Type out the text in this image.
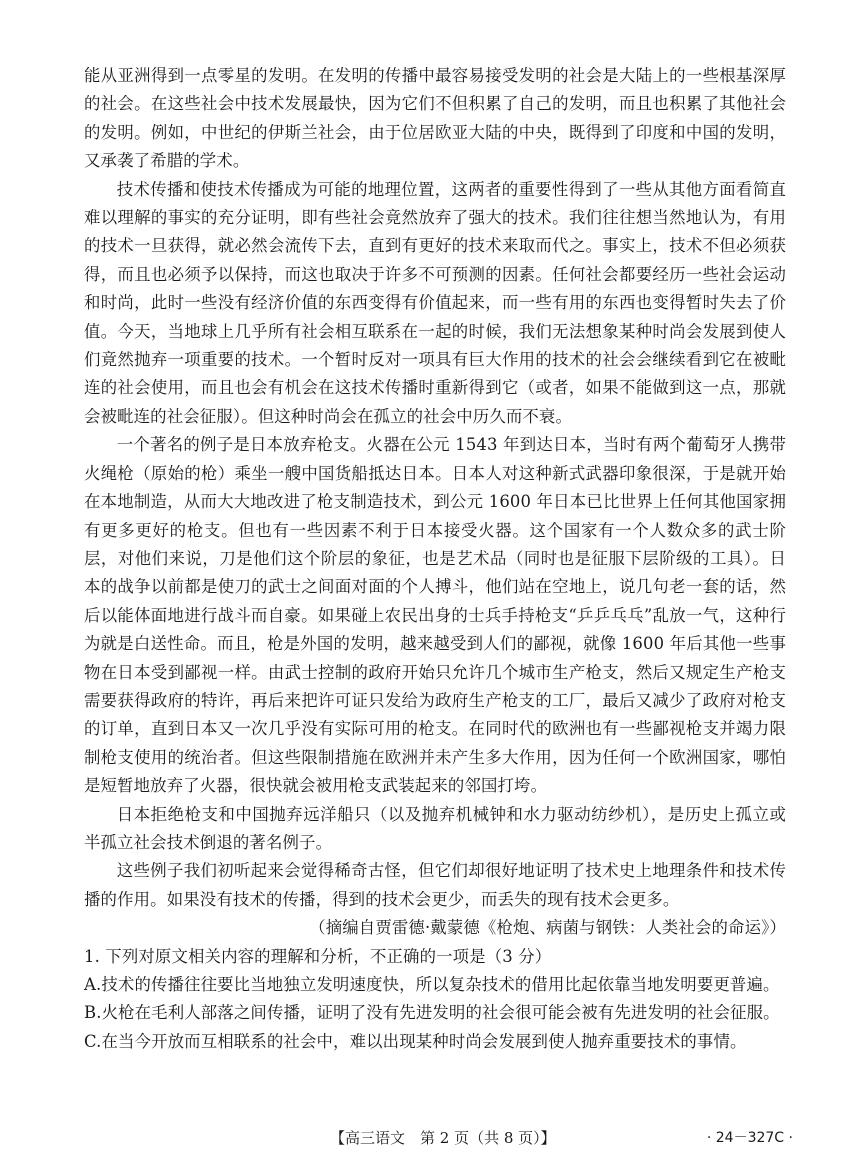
能从亚洲得到一点零星的发明。在发明的传播中最容易接受发明的社会是大陆上的一些根基深厚的社会。在这些社会中技术发展最快，因为它们不但积累了自己的发明，而且也积累了其他社会的发明。例如，中世纪的伊斯兰社会，由于位居欧亚大陆的中央，既得到了印度和中国的发明，又承袭了希腊的学术。

技术传播和使技术传播成为可能的地理位置，这两者的重要性得到了一些从其他方面看简直难以理解的事实的充分证明，即有些社会竟然放弃了强大的技术。我们往往想当然地认为，有用的技术一旦获得，就必然会流传下去，直到有更好的技术来取而代之。事实上，技术不但必须获得，而且也必须予以保持，而这也取决于许多不可预测的因素。任何社会都要经历一些社会运动和时尚，此时一些没有经济价值的东西变得有价值起来，而一些有用的东西也变得暂时失去了价值。今天，当地球上几乎所有社会相互联系在一起的时候，我们无法想象某种时尚会发展到使人们竟然抛弃一项重要的技术。一个暂时反对一项具有巨大作用的技术的社会会继续看到它在被毗连的社会使用，而且也会有机会在这技术传播时重新得到它（或者，如果不能做到这一点，那就会被毗连的社会征服）。但这种时尚会在孤立的社会中历久而不衰。

一个著名的例子是日本放弃枪支。火器在公元 1543 年到达日本，当时有两个葡萄牙人携带火绳枪（原始的枪）乘坐一艘中国货船抵达日本。日本人对这种新式武器印象很深，于是就开始在本地制造，从而大大地改进了枪支制造技术，到公元 1600 年日本已比世界上任何其他国家拥有更多更好的枪支。但也有一些因素不利于日本接受火器。这个国家有一个人数众多的武士阶层，对他们来说，刀是他们这个阶层的象征，也是艺术品（同时也是征服下层阶级的工具）。日本的战争以前都是使刀的武士之间面对面的个人搏斗，他们站在空地上，说几句老一套的话，然后以能体面地进行战斗而自豪。如果碰上农民出身的士兵手持枪支“乒乒乓乓”乱放一气，这种行为就是白送性命。而且，枪是外国的发明，越来越受到人们的鄙视，就像 1600 年后其他一些事物在日本受到鄙视一样。由武士控制的政府开始只允许几个城市生产枪支，然后又规定生产枪支需要获得政府的特许，再后来把许可证只发给为政府生产枪支的工厂，最后又减少了政府对枪支的订单，直到日本又一次几乎没有实际可用的枪支。在同时代的欧洲也有一些鄙视枪支并竭力限制枪支使用的统治者。但这些限制措施在欧洲并未产生多大作用，因为任何一个欧洲国家，哪怕是短暂地放弃了火器，很快就会被用枪支武装起来的邻国打垮。

日本拒绝枪支和中国抛弃远洋船只（以及抛弃机械钟和水力驱动纺纱机），是历史上孤立或半孤立社会技术倒退的著名例子。

这些例子我们初听起来会觉得稀奇古怪，但它们却很好地证明了技术史上地理条件和技术传播的作用。如果没有技术的传播，得到的技术会更少，而丢失的现有技术会更多。

（摘编自贾雷德·戴蒙德《枪炮、病菌与钢铁：人类社会的命运》）

1. 下列对原文相关内容的理解和分析，不正确的一项是（3 分）

A.技术的传播往往要比当地独立发明速度快，所以复杂技术的借用比起依靠当地发明要更普遍。

B.火枪在毛利人部落之间传播，证明了没有先进发明的社会很可能会被有先进发明的社会征服。

C.在当今开放而互相联系的社会中，难以出现某种时尚会发展到使人抛弃重要技术的事情。

【高三语文　第 2 页（共 8 页）】	· 24－327C ·
